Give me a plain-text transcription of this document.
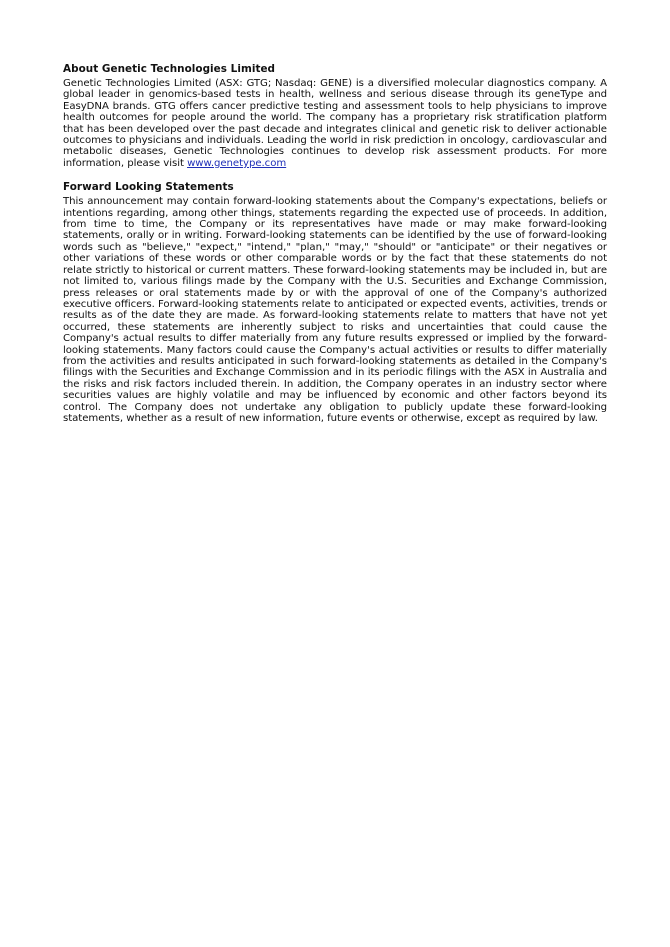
About Genetic Technologies Limited

Genetic Technologies Limited (ASX: GTG; Nasdaq: GENE) is a diversified molecular diagnostics company. A global leader in genomics-based tests in health, wellness and serious disease through its geneType and EasyDNA brands. GTG offers cancer predictive testing and assessment tools to help physicians to improve health outcomes for people around the world. The company has a proprietary risk stratification platform that has been developed over the past decade and integrates clinical and genetic risk to deliver actionable outcomes to physicians and individuals. Leading the world in risk prediction in oncology, cardiovascular and metabolic diseases, Genetic Technologies continues to develop risk assessment products. For more information, please visit www.genetype.com

Forward Looking Statements

This announcement may contain forward-looking statements about the Company's expectations, beliefs or intentions regarding, among other things, statements regarding the expected use of proceeds. In addition, from time to time, the Company or its representatives have made or may make forward-looking statements, orally or in writing. Forward-looking statements can be identified by the use of forward-looking words such as "believe," "expect," "intend," "plan," "may," "should" or "anticipate" or their negatives or other variations of these words or other comparable words or by the fact that these statements do not relate strictly to historical or current matters. These forward-looking statements may be included in, but are not limited to, various filings made by the Company with the U.S. Securities and Exchange Commission, press releases or oral statements made by or with the approval of one of the Company's authorized executive officers. Forward-looking statements relate to anticipated or expected events, activities, trends or results as of the date they are made. As forward-looking statements relate to matters that have not yet occurred, these statements are inherently subject to risks and uncertainties that could cause the Company's actual results to differ materially from any future results expressed or implied by the forward-looking statements. Many factors could cause the Company's actual activities or results to differ materially from the activities and results anticipated in such forward-looking statements as detailed in the Company's filings with the Securities and Exchange Commission and in its periodic filings with the ASX in Australia and the risks and risk factors included therein. In addition, the Company operates in an industry sector where securities values are highly volatile and may be influenced by economic and other factors beyond its control. The Company does not undertake any obligation to publicly update these forward-looking statements, whether as a result of new information, future events or otherwise, except as required by law.
